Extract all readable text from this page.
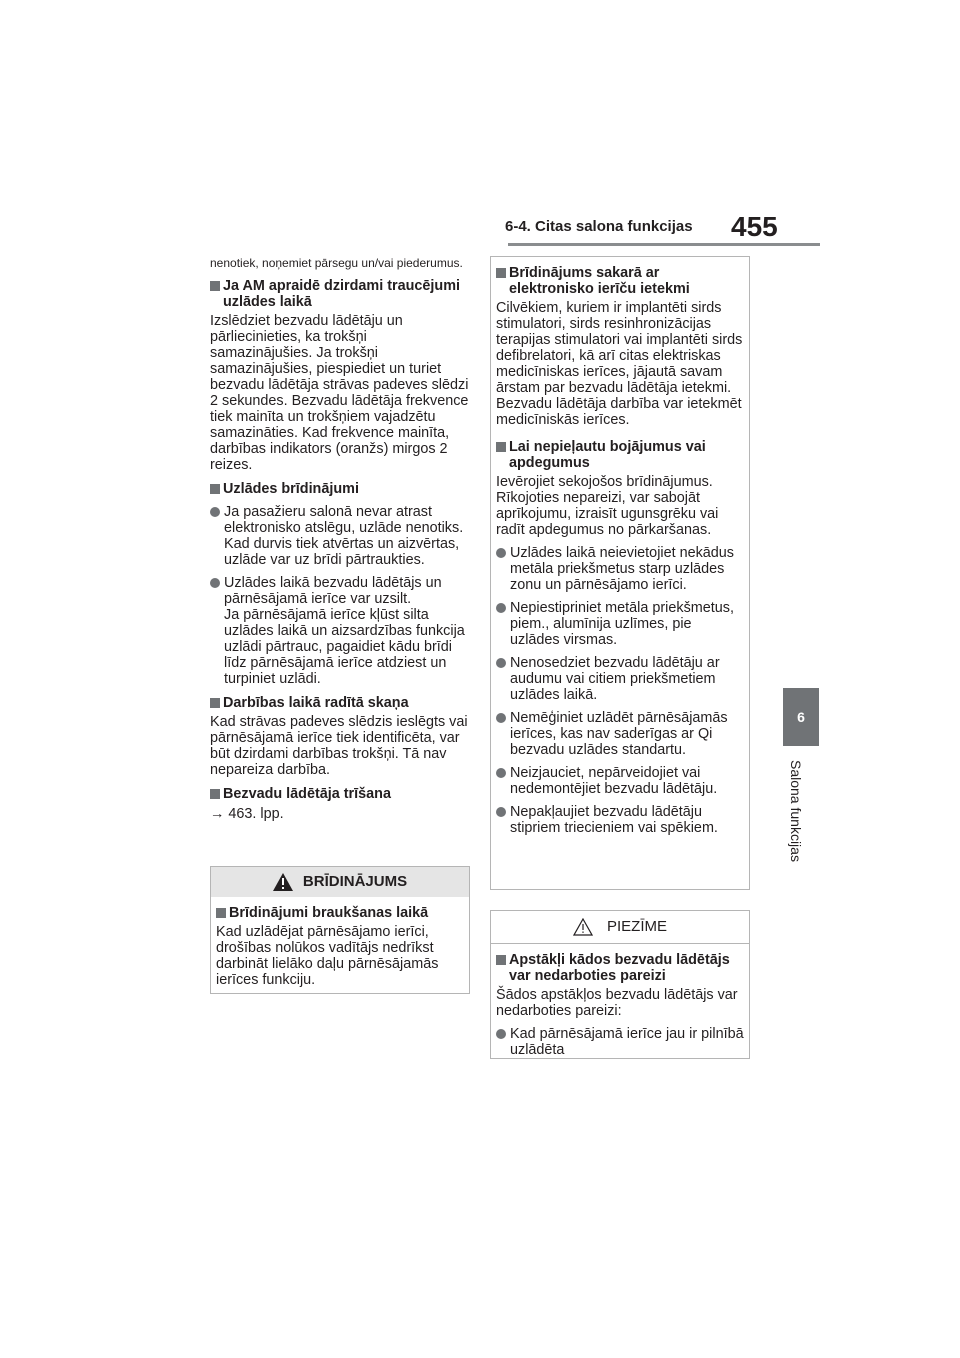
6-4. Citas salona funkcijas 455
6
Salona funkcijas

nenotiek, noņemiet pārsegu un/vai piederumus.

Ja AM apraidē dzirdami traucējumi uzlādes laikā

Izslēdziet bezvadu lādētāju un pārliecinieties, ka trokšņi samazinājušies. Ja trokšņi samazinājušies, piespiediet un turiet bezvadu lādētāja strāvas padeves slēdzi 2 sekundes. Bezvadu lādētāja frekvence tiek mainīta un trokšņiem vajadzētu samazināties. Kad frekvence mainīta, darbības indikators (oranžs) mirgos 2 reizes.

Uzlādes brīdinājumi
Ja pasažieru salonā nevar atrast elektronisko atslēgu, uzlāde nenotiks. Kad durvis tiek atvērtas un aizvērtas, uzlāde var uz brīdi pārtraukties.
Uzlādes laikā bezvadu lādētājs un pārnēsājamā ierīce var uzsilt.
Ja pārnēsājamā ierīce kļūst silta uzlādes laikā un aizsardzības funkcija uzlādi pārtrauc, pagaidiet kādu brīdi līdz pārnēsājamā ierīce atdziest un turpiniet uzlādi.
Darbības laikā radītā skaņa

Kad strāvas padeves slēdzis ieslēgts vai pārnēsājamā ierīce tiek identificēta, var būt dzirdami darbības trokšņi. Tā nav nepareiza darbība.

Bezvadu lādētāja trīšana

→ 463. lpp.

BRĪDINĀJUMS
Brīdinājumi braukšanas laikā

Kad uzlādējat pārnēsājamo ierīci, drošības nolūkos vadītājs nedrīkst darbināt lielāko daļu pārnēsājamās ierīces funkciju.

Brīdinājums sakarā ar elektronisko ierīču ietekmi

Cilvēkiem, kuriem ir implantēti sirds stimulatori, sirds resinhronizācijas terapijas stimulatori vai implantēti sirds defibrelatori, kā arī citas elektriskas medicīniskas ierīces, jājautā savam ārstam par bezvadu lādētāja ietekmi.
Bezvadu lādētāja darbība var ietekmēt medicīniskās ierīces.

Lai nepieļautu bojājumus vai apdegumus

Ievērojiet sekojošos brīdinājumus. Rīkojoties nepareizi, var sabojāt aprīkojumu, izraisīt ugunsgrēku vai radīt apdegumus no pārkaršanas.

Uzlādes laikā neievietojiet nekādus metāla priekšmetus starp uzlādes zonu un pārnēsājamo ierīci.
Nepiestipriniet metāla priekšmetus, piem., alumīnija uzlīmes, pie uzlādes virsmas.
Nenosedziet bezvadu lādētāju ar audumu vai citiem priekšmetiem uzlādes laikā.
Nemēģiniet uzlādēt pārnēsājamās ierīces, kas nav saderīgas ar Qi bezvadu uzlādes standartu.
Neizjauciet, nepārveidojiet vai nedemontējiet bezvadu lādētāju.
Nepakļaujiet bezvadu lādētāju stipriem triecieniem vai spēkiem.
PIEZĪME
Apstākļi kādos bezvadu lādētājs var nedarboties pareizi

Šādos apstākļos bezvadu lādētājs var nedarboties pareizi:

Kad pārnēsājamā ierīce jau ir pilnībā uzlādēta
